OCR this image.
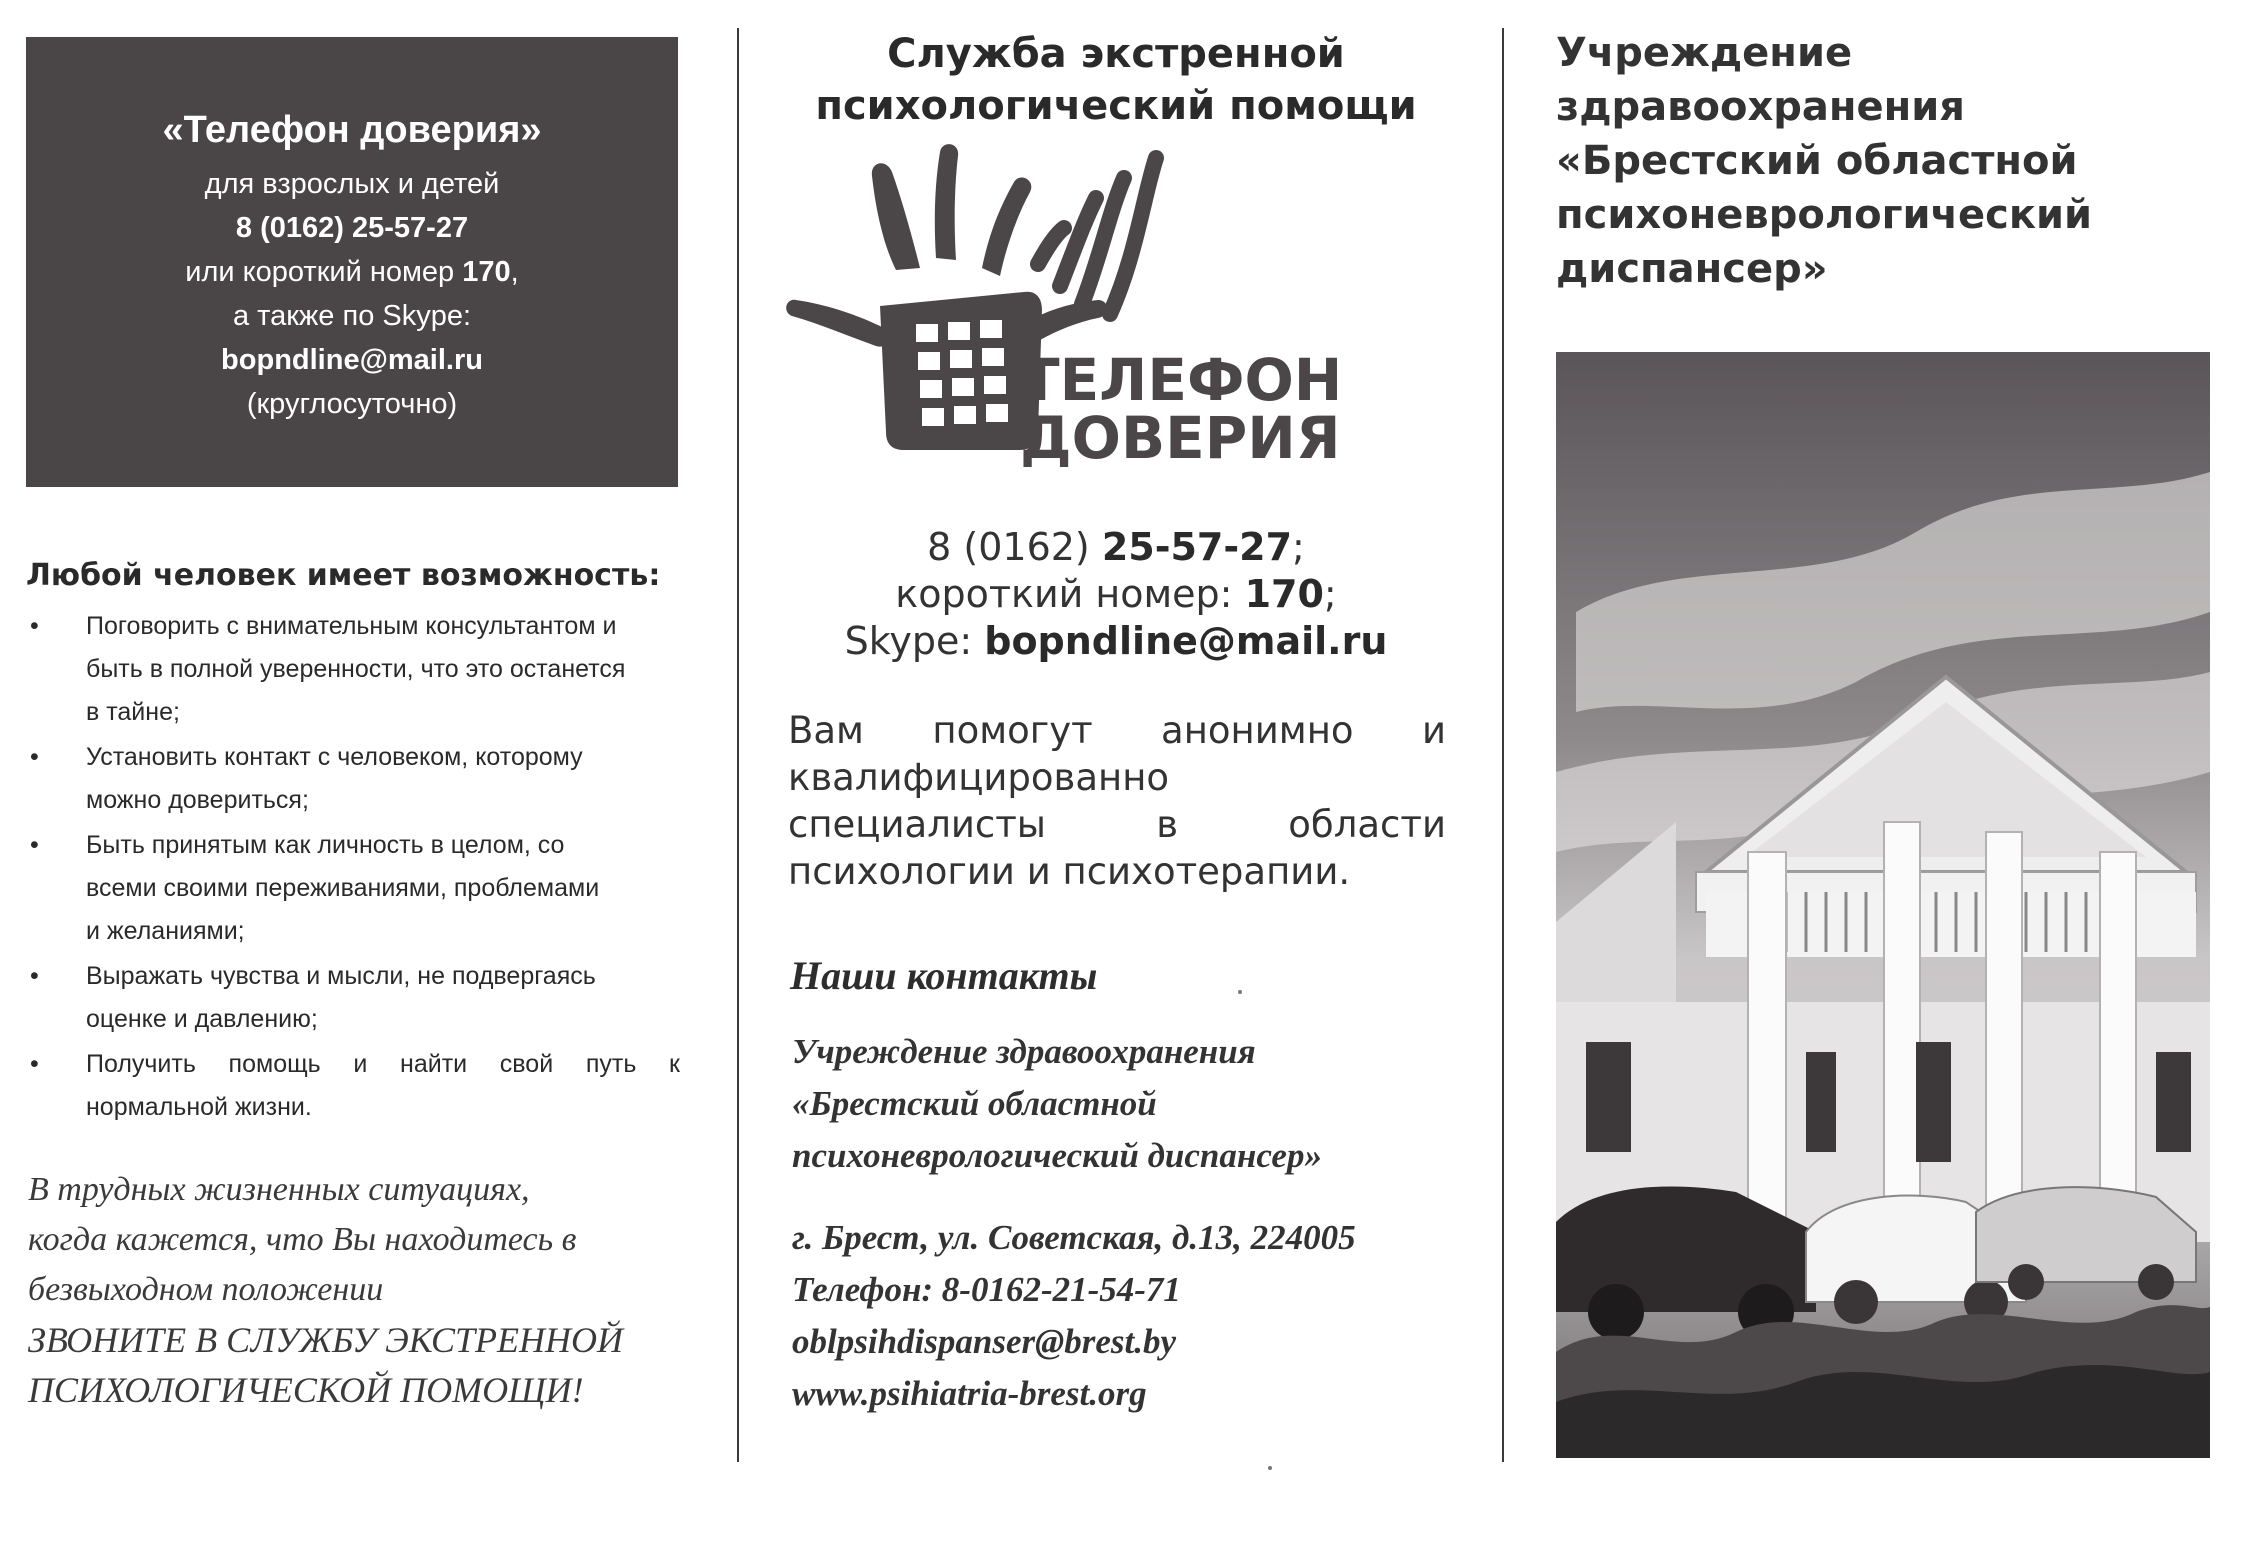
«Телефон доверия»
для взрослых и детей
8 (0162) 25-57-27
или короткий номер 170,
а также по Skype:
bopndline@mail.ru
(круглосуточно)
Любой человек имеет возможность:
• Поговорить с внимательным консультантом и
быть в полной уверенности, что это останется
в тайне;
• Установить контакт с человеком, которому
можно довериться;
• Быть принятым как личность в целом, со
всеми своими переживаниями, проблемами
и желаниями;
• Выражать чувства и мысли, не подвергаясь
оценке и давлению;
• Получить помощь и найти свой путь к
нормальной жизни.
В трудных жизненных ситуациях,
когда кажется, что Вы находитесь в
безвыходном положении
ЗВОНИТЕ В СЛУЖБУ ЭКСТРЕННОЙ
ПСИХОЛОГИЧЕСКОЙ ПОМОЩИ!
Служба экстренной
психологический помощи
ТЕЛЕФОН
ДОВЕРИЯ
8 (0162) 25-57-27;
короткий номер: 170;
Skype: bopndline@mail.ru
Вам помогут анонимно и
квалифицированно
специалисты в области
психологии и психотерапии.
Наши контакты
Учреждение здравоохранения
«Брестский областной
психоневрологический диспансер»
г. Брест, ул. Советская, д.13, 224005
Телефон: 8-0162-21-54-71
oblpsihdispanser@brest.by
www.psihiatria-brest.org
Учреждение
здравоохранения
«Брестский областной
психоневрологический
диспансер»
